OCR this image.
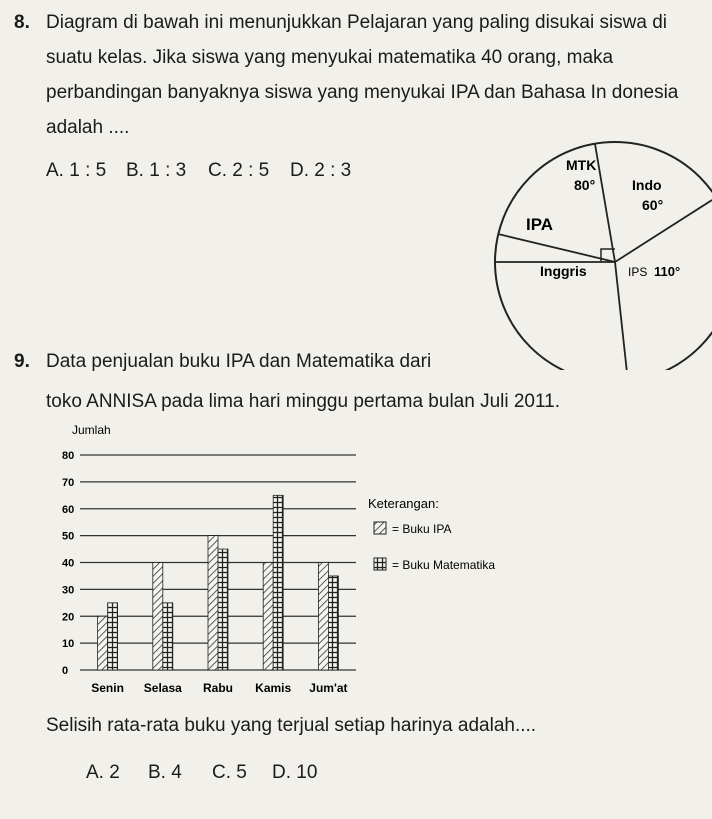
8. Diagram di bawah ini menunjukkan Pelajaran yang paling disukai siswa di
suatu kelas. Jika siswa yang menyukai matematika 40 orang, maka
perbandingan banyaknya siswa yang menyukai IPA dan Bahasa In donesia
adalah ....
A. 1 : 5 B. 1 : 3 C. 2 : 5 D. 2 : 3	MTK
80°	Indo
60°
IPA
Inggris	IPS 110°
9. Data penjualan buku IPA dan Matematika dari
toko ANNISA pada lima hari minggu pertama bulan Juli 2011.
0
10
20
30
40
50
60
70
80
Senin Selasa Rabu Kamis Jum'at
Jumlah
Keterangan:
= Buku IPA
= Buku Matematika
Selisih rata-rata buku yang terjual setiap harinya adalah....
A. 2 B. 4 C. 5 D. 10
